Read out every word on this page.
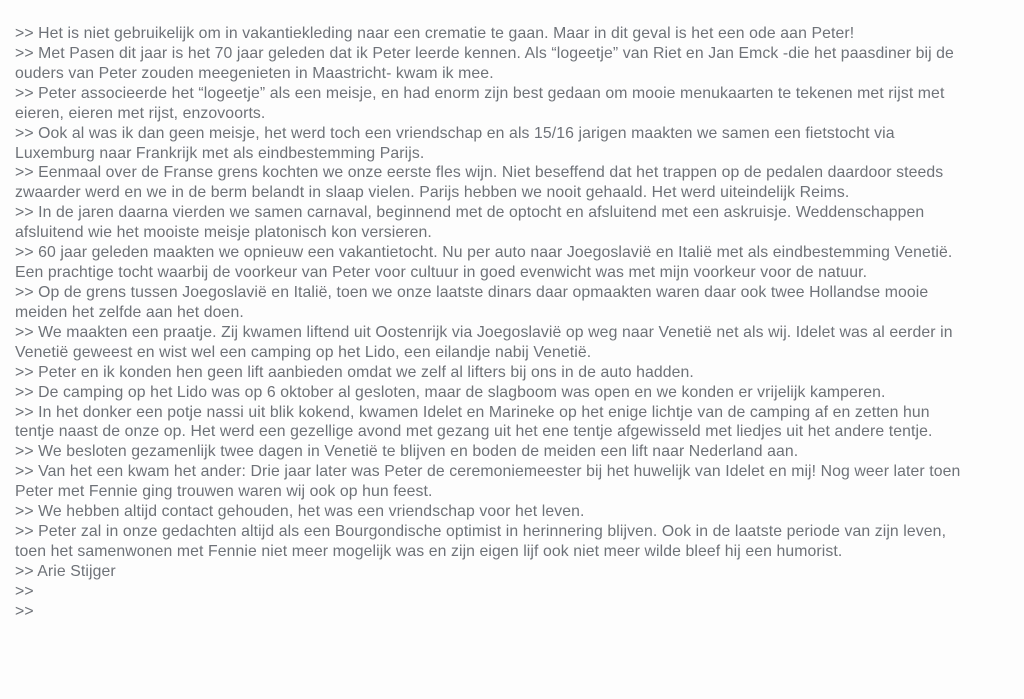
>> Het is niet gebruikelijk om in vakantiekleding naar een crematie te gaan. Maar in dit geval is het een ode aan Peter!
>> Met Pasen dit jaar is het 70 jaar geleden dat ik Peter leerde kennen. Als “logeetje” van Riet en Jan Emck -die het paasdiner bij de
ouders van Peter zouden meegenieten in Maastricht- kwam ik mee.
>> Peter associeerde het “logeetje” als een meisje, en had enorm zijn best gedaan om mooie menukaarten te tekenen met rijst met
eieren, eieren met rijst, enzovoorts.
>> Ook al was ik dan geen meisje, het werd toch een vriendschap en als 15/16 jarigen maakten we samen een fietstocht via
Luxemburg naar Frankrijk met als eindbestemming Parijs.
>> Eenmaal over de Franse grens kochten we onze eerste fles wijn. Niet beseffend dat het trappen op de pedalen daardoor steeds
zwaarder werd en we in de berm belandt in slaap vielen. Parijs hebben we nooit gehaald. Het werd uiteindelijk Reims.
>> In de jaren daarna vierden we samen carnaval, beginnend met de optocht en afsluitend met een askruisje. Weddenschappen
afsluitend wie het mooiste meisje platonisch kon versieren.
>> 60 jaar geleden maakten we opnieuw een vakantietocht. Nu per auto naar Joegoslavië en Italië met als eindbestemming Venetië.
Een prachtige tocht waarbij de voorkeur van Peter voor cultuur in goed evenwicht was met mijn voorkeur voor de natuur.
>> Op de grens tussen Joegoslavië en Italië, toen we onze laatste dinars daar opmaakten waren daar ook twee Hollandse mooie
meiden het zelfde aan het doen.
>> We maakten een praatje. Zij kwamen liftend uit Oostenrijk via Joegoslavië op weg naar Venetië net als wij. Idelet was al eerder in
Venetië geweest en wist wel een camping op het Lido, een eilandje nabij Venetië.
>> Peter en ik konden hen geen lift aanbieden omdat we zelf al lifters bij ons in de auto hadden.
>> De camping op het Lido was op 6 oktober al gesloten, maar de slagboom was open en we konden er vrijelijk kamperen.
>> In het donker een potje nassi uit blik kokend, kwamen Idelet en Marineke op het enige lichtje van de camping af en zetten hun
tentje naast de onze op. Het werd een gezellige avond met gezang uit het ene tentje afgewisseld met liedjes uit het andere tentje.
>> We besloten gezamenlijk twee dagen in Venetië te blijven en boden de meiden een lift naar Nederland aan.
>> Van het een kwam het ander: Drie jaar later was Peter de ceremoniemeester bij het huwelijk van Idelet en mij! Nog weer later toen
Peter met Fennie ging trouwen waren wij ook op hun feest.
>> We hebben altijd contact gehouden, het was een vriendschap voor het leven.
>> Peter zal in onze gedachten altijd als een Bourgondische optimist in herinnering blijven. Ook in de laatste periode van zijn leven,
toen het samenwonen met Fennie niet meer mogelijk was en zijn eigen lijf ook niet meer wilde bleef hij een humorist.
>> Arie Stijger
>>
>>
